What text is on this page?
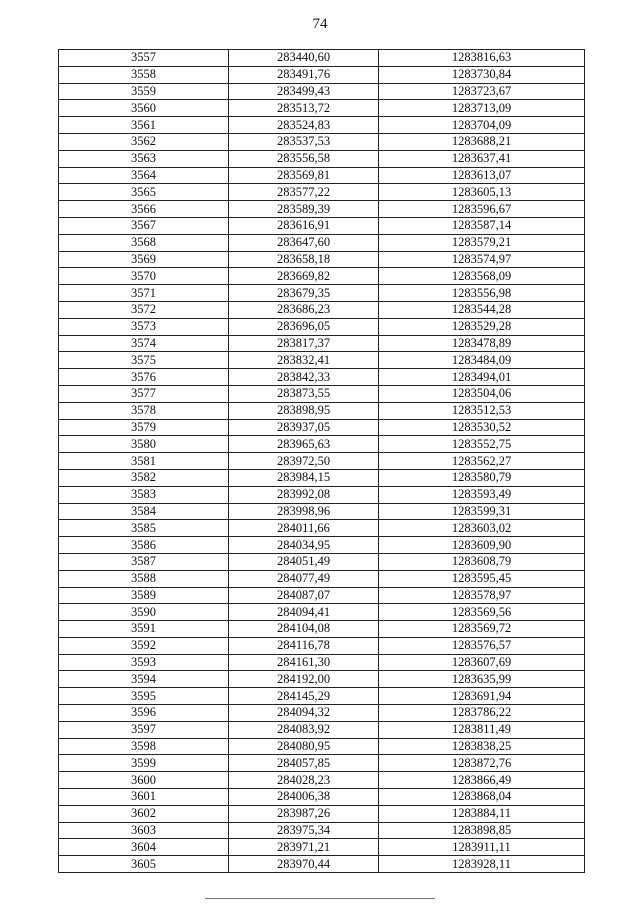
74
3557	283440,60	1283816,63
3558	283491,76	1283730,84
3559	283499,43	1283723,67
3560	283513,72	1283713,09
3561	283524,83	1283704,09
3562	283537,53	1283688,21
3563	283556,58	1283637,41
3564	283569,81	1283613,07
3565	283577,22	1283605,13
3566	283589,39	1283596,67
3567	283616,91	1283587,14
3568	283647,60	1283579,21
3569	283658,18	1283574,97
3570	283669,82	1283568,09
3571	283679,35	1283556,98
3572	283686,23	1283544,28
3573	283696,05	1283529,28
3574	283817,37	1283478,89
3575	283832,41	1283484,09
3576	283842,33	1283494,01
3577	283873,55	1283504,06
3578	283898,95	1283512,53
3579	283937,05	1283530,52
3580	283965,63	1283552,75
3581	283972,50	1283562,27
3582	283984,15	1283580,79
3583	283992,08	1283593,49
3584	283998,96	1283599,31
3585	284011,66	1283603,02
3586	284034,95	1283609,90
3587	284051,49	1283608,79
3588	284077,49	1283595,45
3589	284087,07	1283578,97
3590	284094,41	1283569,56
3591	284104,08	1283569,72
3592	284116,78	1283576,57
3593	284161,30	1283607,69
3594	284192,00	1283635,99
3595	284145,29	1283691,94
3596	284094,32	1283786,22
3597	284083,92	1283811,49
3598	284080,95	1283838,25
3599	284057,85	1283872,76
3600	284028,23	1283866,49
3601	284006,38	1283868,04
3602	283987,26	1283884,11
3603	283975,34	1283898,85
3604	283971,21	1283911,11
3605	283970,44	1283928,11
